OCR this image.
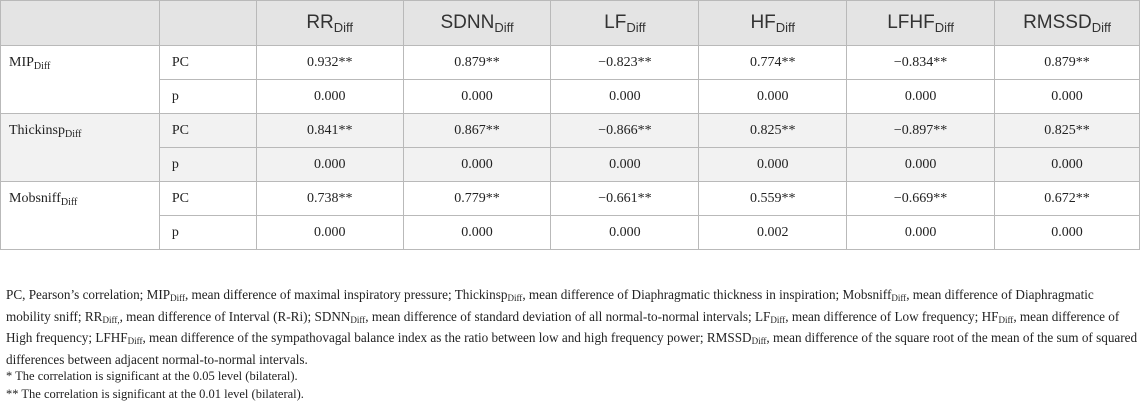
		$RR_{Diff}$	$SDNN_{Diff}$	$LF_{Diff}$	$HF_{Diff}$	$LFHF_{Diff}$	$RMSSD_{Diff}$
$MIP_{Diff}$	PC	0.932**	0.879**	−0.823**	0.774**	−0.834**	0.879**
	p	0.000	0.000	0.000	0.000	0.000	0.000
Thickinsp$_{Diff}$	PC	0.841**	0.867**	−0.866**	0.825**	−0.897**	0.825**
	p	0.000	0.000	0.000	0.000	0.000	0.000
Mobsniff$_{Diff}$	PC	0.738**	0.779**	−0.661**	0.559**	−0.669**	0.672**
	p	0.000	0.000	0.000	0.002	0.000	0.000

PC, Pearson’s correlation; $MIP_{Diff}$, mean difference of maximal inspiratory pressure; Thickinsp$_{Diff}$, mean difference of Diaphragmatic thickness in inspiration; Mobsniff$_{Diff}$, mean difference of Diaphragmatic mobility sniff; $RR_{Diff,}$, mean difference of Interval (R-Ri); $SDNN_{Diff}$, mean difference of standard deviation of all normal-to-normal intervals; $LF_{Diff}$, mean difference of Low frequency; $HF_{Diff}$, mean difference of High frequency; $LFHF_{Diff}$, mean difference of the sympathovagal balance index as the ratio between low and high frequency power; $RMSSD_{Diff}$, mean difference of the square root of the mean of the sum of squared differences between adjacent normal-to-normal intervals.

* The correlation is significant at the 0.05 level (bilateral).

** The correlation is significant at the 0.01 level (bilateral).
